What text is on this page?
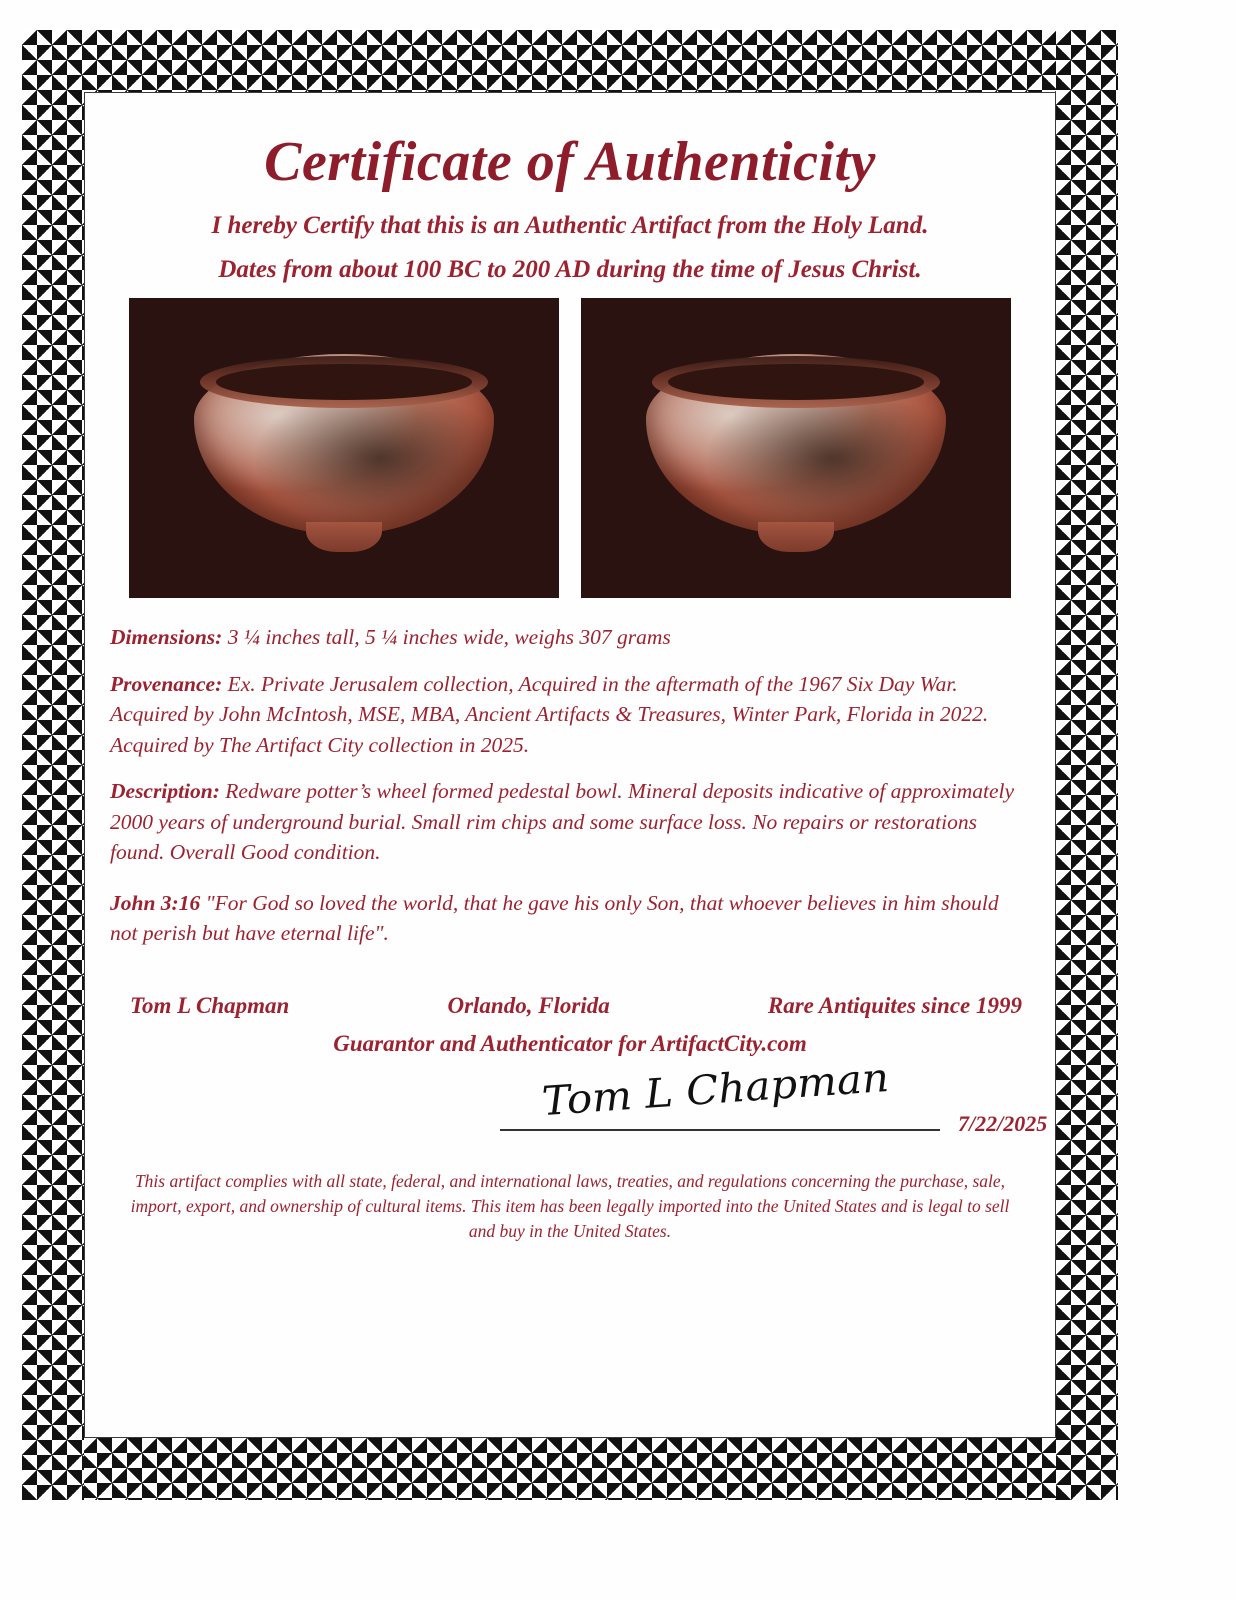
Certificate of Authenticity
I hereby Certify that this is an Authentic Artifact from the Holy Land.
Dates from about 100 BC to 200 AD during the time of Jesus Christ.

Dimensions: 3 ¼ inches tall, 5 ¼ inches wide, weighs 307 grams

Provenance: Ex. Private Jerusalem collection, Acquired in the aftermath of the 1967 Six Day War. Acquired by John McIntosh, MSE, MBA, Ancient Artifacts & Treasures, Winter Park, Florida in 2022. Acquired by The Artifact City collection in 2025.

Description: Redware potter’s wheel formed pedestal bowl. Mineral deposits indicative of approximately 2000 years of underground burial. Small rim chips and some surface loss. No repairs or restorations found. Overall Good condition.

John 3:16 "For God so loved the world, that he gave his only Son, that whoever believes in him should not perish but have eternal life".

Tom L Chapman	Orlando, Florida	Rare Antiquites since 1999
Guarantor and Authenticator for ArtifactCity.com
Tom L Chapman	7/22/2025
This artifact complies with all state, federal, and international laws, treaties, and regulations concerning the purchase, sale, import, export, and ownership of cultural items. This item has been legally imported into the United States and is legal to sell and buy in the United States.
